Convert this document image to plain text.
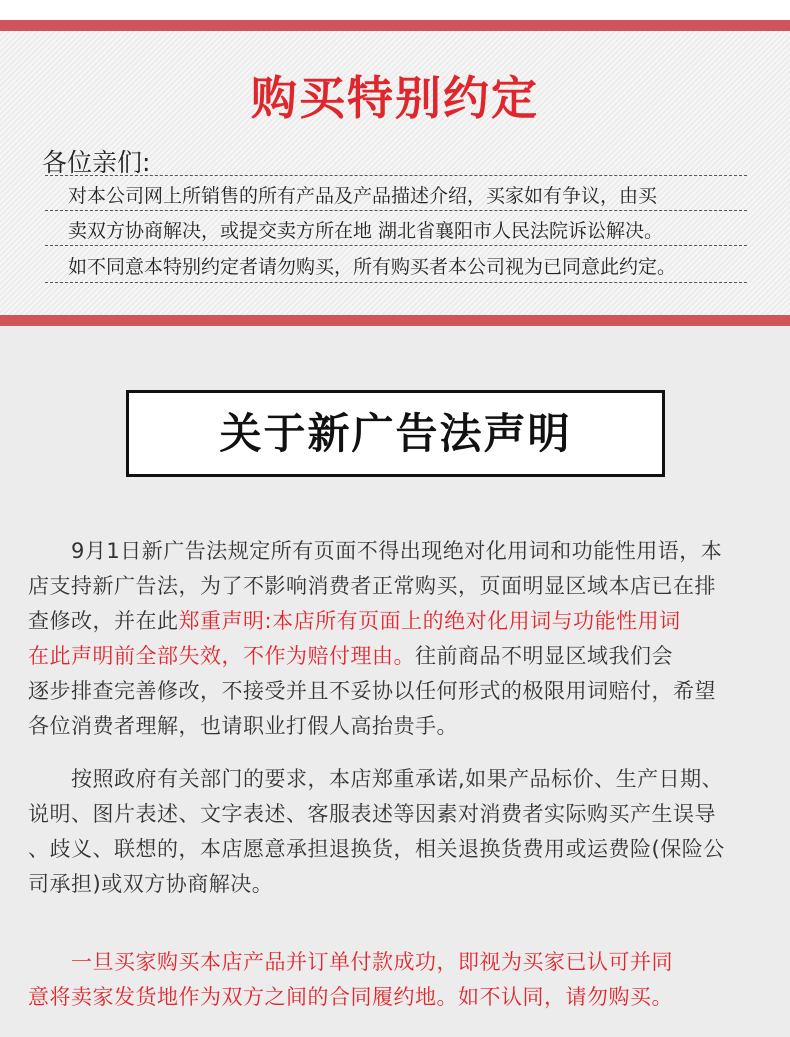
购买特别约定
各位亲们:
对本公司网上所销售的所有产品及产品描述介绍，买家如有争议，由买
卖双方协商解决，或提交卖方所在地 湖北省襄阳市人民法院诉讼解决。
如不同意本特别约定者请勿购买，所有购买者本公司视为已同意此约定。
关于新广告法声明
　　9月1日新广告法规定所有页面不得出现绝对化用词和功能性用语，本
店支持新广告法，为了不影响消费者正常购买，页面明显区域本店已在排
查修改，并在此郑重声明:本店所有页面上的绝对化用词与功能性用词
在此声明前全部失效，不作为赔付理由。往前商品不明显区域我们会
逐步排查完善修改，不接受并且不妥协以任何形式的极限用词赔付，希望
各位消费者理解，也请职业打假人高抬贵手。
　　按照政府有关部门的要求，本店郑重承诺,如果产品标价、生产日期、
说明、图片表述、文字表述、客服表述等因素对消费者实际购买产生误导
、歧义、联想的，本店愿意承担退换货，相关退换货费用或运费险(保险公
司承担)或双方协商解决。
　　一旦买家购买本店产品并订单付款成功，即视为买家已认可并同
意将卖家发货地作为双方之间的合同履约地。如不认同，请勿购买。
